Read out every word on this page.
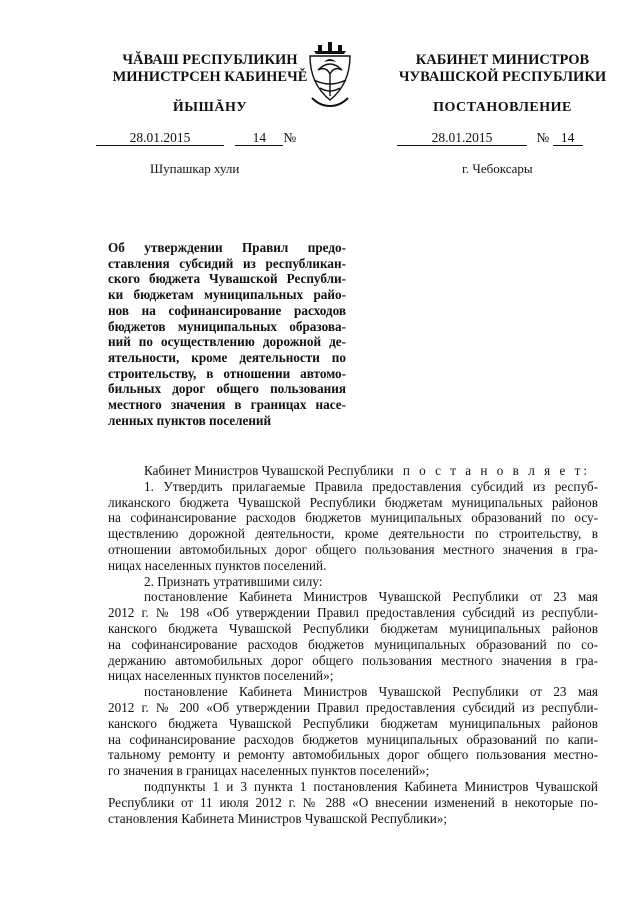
ЧĂВАШ РЕСПУБЛИКИН
МИНИСТРСЕН КАБИНЕЧĚ
ЙЫШĂНУ
КАБИНЕТ МИНИСТРОВ
ЧУВАШСКОЙ РЕСПУБЛИКИ
ПОСТАНОВЛЕНИЕ
28.01.2015	14 №	28.01.2015	№ 14
Шупашкар хули	г. Чебоксары
Об утверждении Правил предо-
ставления субсидий из республикан-
ского бюджета Чувашской Республи-
ки бюджетам муниципальных райо-
нов на софинансирование расходов
бюджетов муниципальных образова-
ний по осуществлению дорожной де-
ятельности, кроме деятельности по
строительству, в отношении автомо-
бильных дорог общего пользования
местного значения в границах насе-
ленных пунктов поселений
Кабинет Министров Чувашской Республики п о с т а н о в л я е т:
1. Утвердить прилагаемые Правила предоставления субсидий из респуб-
ликанского бюджета Чувашской Республики бюджетам муниципальных районов
на софинансирование расходов бюджетов муниципальных образований по осу-
ществлению дорожной деятельности, кроме деятельности по строительству, в
отношении автомобильных дорог общего пользования местного значения в гра-
ницах населенных пунктов поселений.
2. Признать утратившими силу:
постановление Кабинета Министров Чувашской Республики от 23 мая
2012 г. № 198 «Об утверждении Правил предоставления субсидий из республи-
канского бюджета Чувашской Республики бюджетам муниципальных районов
на софинансирование расходов бюджетов муниципальных образований по со-
держанию автомобильных дорог общего пользования местного значения в гра-
ницах населенных пунктов поселений»;
постановление Кабинета Министров Чувашской Республики от 23 мая
2012 г. № 200 «Об утверждении Правил предоставления субсидий из республи-
канского бюджета Чувашской Республики бюджетам муниципальных районов
на софинансирование расходов бюджетов муниципальных образований по капи-
тальному ремонту и ремонту автомобильных дорог общего пользования местно-
го значения в границах населенных пунктов поселений»;
подпункты 1 и 3 пункта 1 постановления Кабинета Министров Чувашской
Республики от 11 июля 2012 г. № 288 «О внесении изменений в некоторые по-
становления Кабинета Министров Чувашской Республики»;
